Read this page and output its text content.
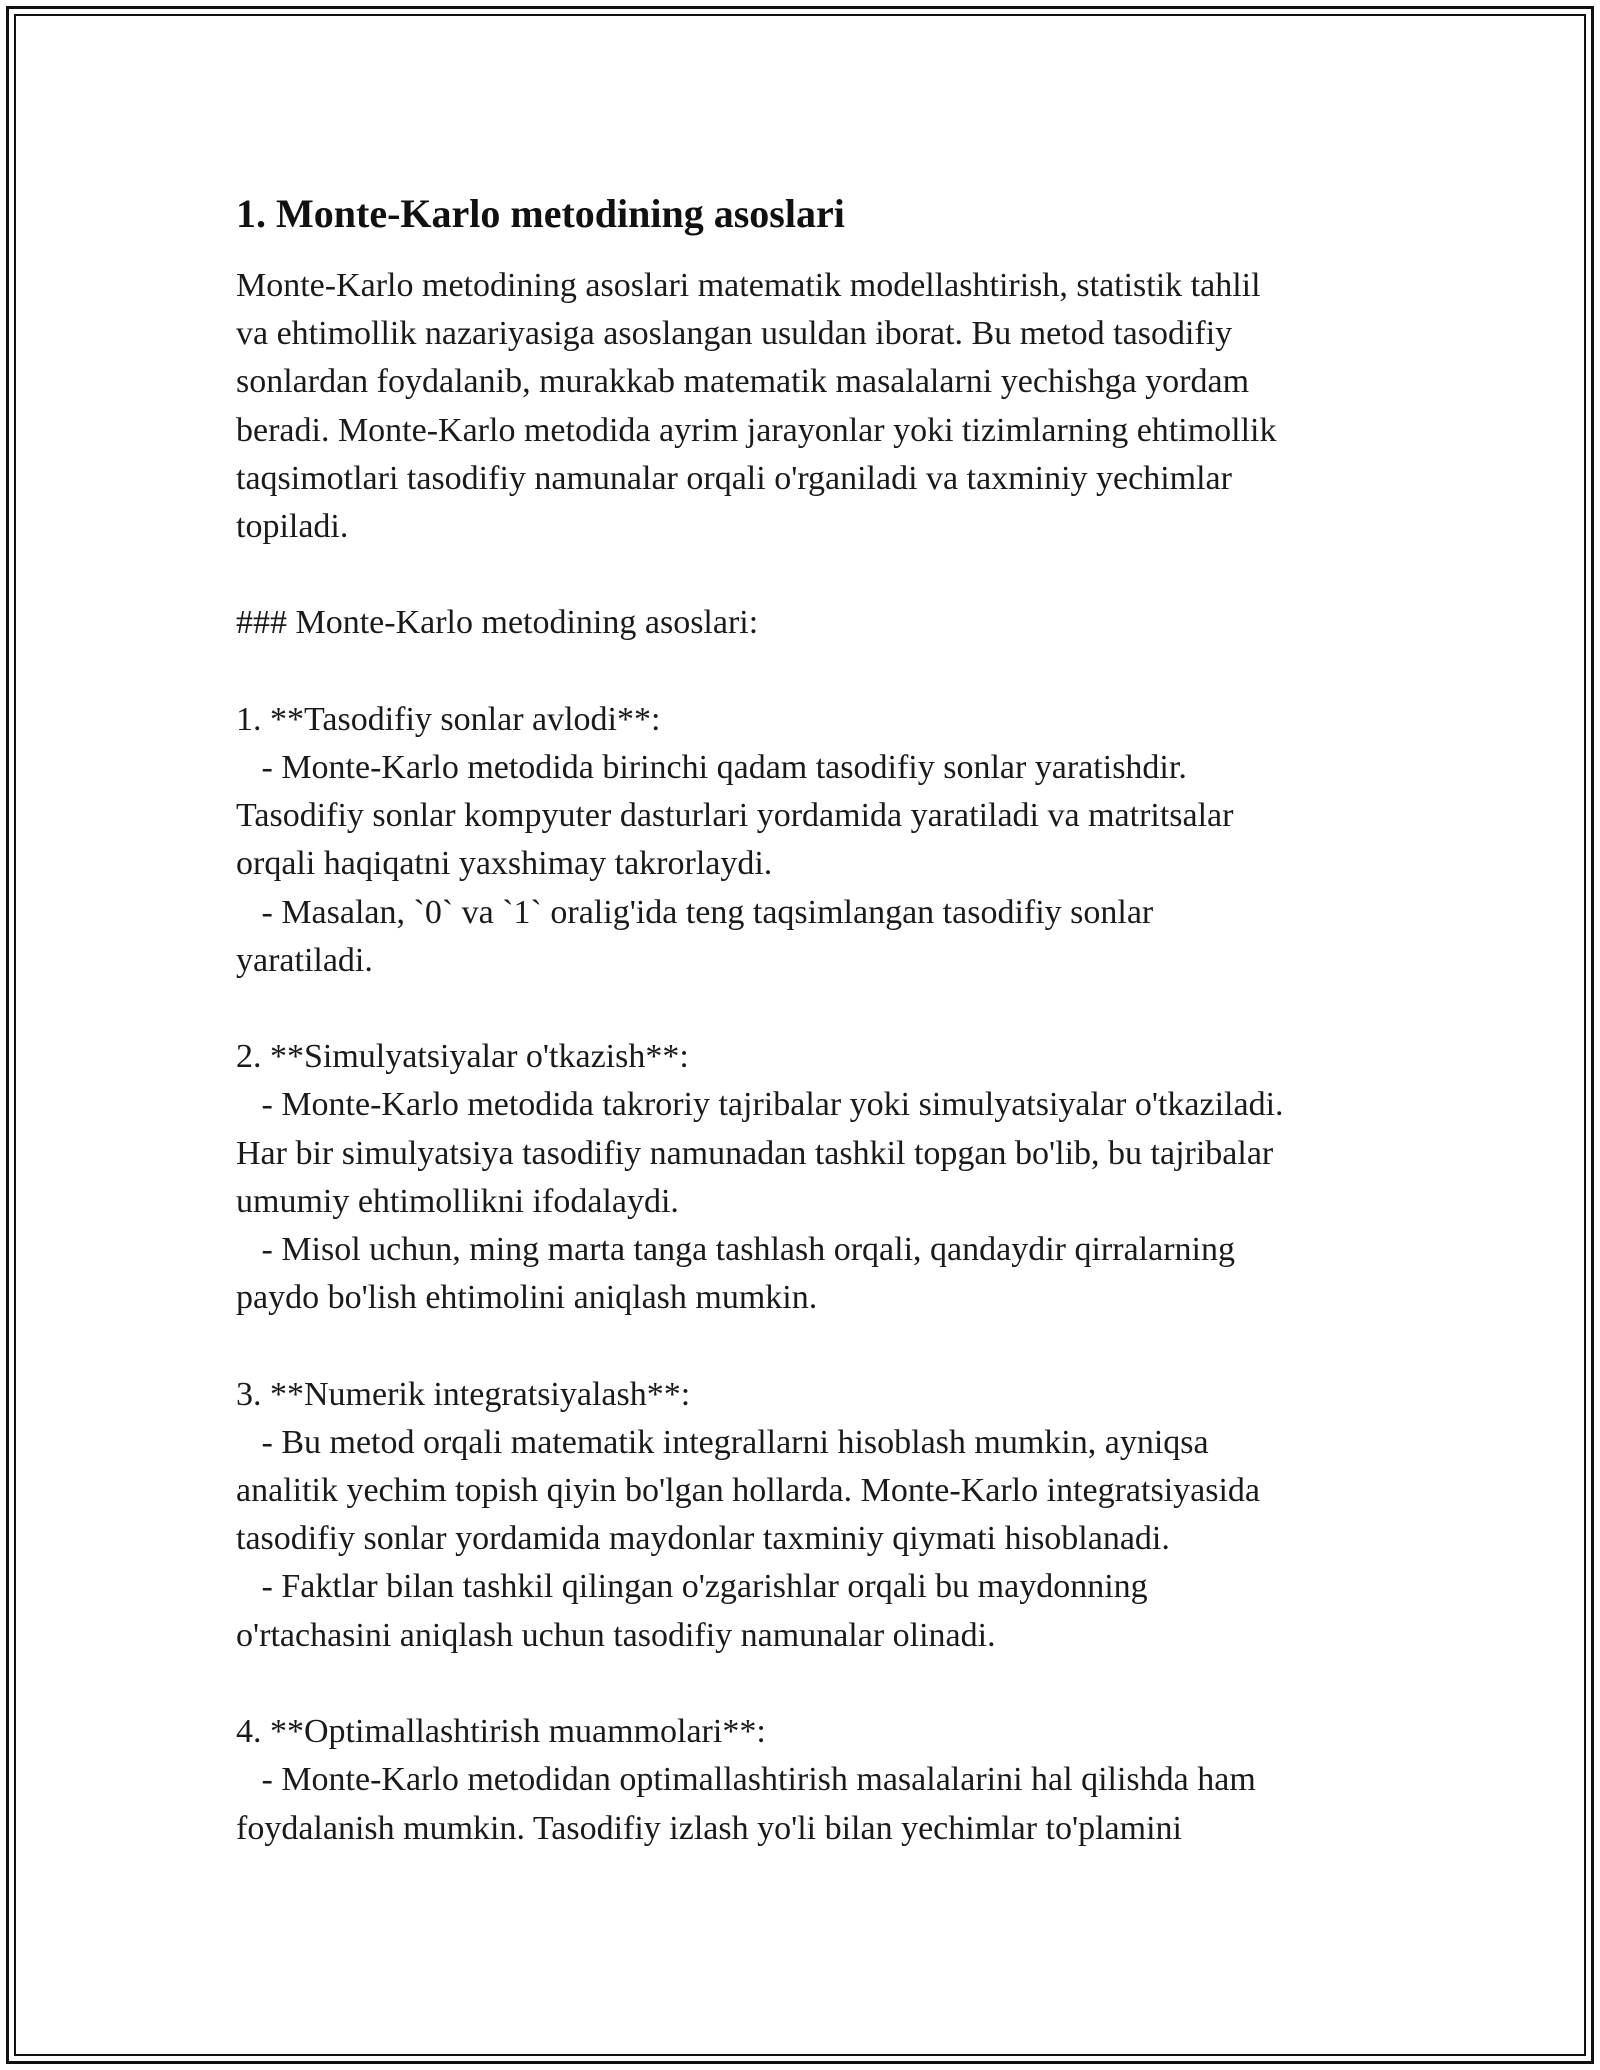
1. Monte-Karlo metodining asoslari

Monte-Karlo metodining asoslari matematik modellashtirish, statistik tahlil
va ehtimollik nazariyasiga asoslangan usuldan iborat. Bu metod tasodifiy
sonlardan foydalanib, murakkab matematik masalalarni yechishga yordam
beradi. Monte-Karlo metodida ayrim jarayonlar yoki tizimlarning ehtimollik
taqsimotlari tasodifiy namunalar orqali o'rganiladi va taxminiy yechimlar
topiladi.

### Monte-Karlo metodining asoslari:

1. **Tasodifiy sonlar avlodi**:
- Monte-Karlo metodida birinchi qadam tasodifiy sonlar yaratishdir.
Tasodifiy sonlar kompyuter dasturlari yordamida yaratiladi va matritsalar
orqali haqiqatni yaxshimay takrorlaydi.
- Masalan, `0` va `1` oralig'ida teng taqsimlangan tasodifiy sonlar
yaratiladi.

2. **Simulyatsiyalar o'tkazish**:
- Monte-Karlo metodida takroriy tajribalar yoki simulyatsiyalar o'tkaziladi.
Har bir simulyatsiya tasodifiy namunadan tashkil topgan bo'lib, bu tajribalar
umumiy ehtimollikni ifodalaydi.
- Misol uchun, ming marta tanga tashlash orqali, qandaydir qirralarning
paydo bo'lish ehtimolini aniqlash mumkin.

3. **Numerik integratsiyalash**:
- Bu metod orqali matematik integrallarni hisoblash mumkin, ayniqsa
analitik yechim topish qiyin bo'lgan hollarda. Monte-Karlo integratsiyasida
tasodifiy sonlar yordamida maydonlar taxminiy qiymati hisoblanadi.
- Faktlar bilan tashkil qilingan o'zgarishlar orqali bu maydonning
o'rtachasini aniqlash uchun tasodifiy namunalar olinadi.

4. **Optimallashtirish muammolari**:
- Monte-Karlo metodidan optimallashtirish masalalarini hal qilishda ham
foydalanish mumkin. Tasodifiy izlash yo'li bilan yechimlar to'plamini
